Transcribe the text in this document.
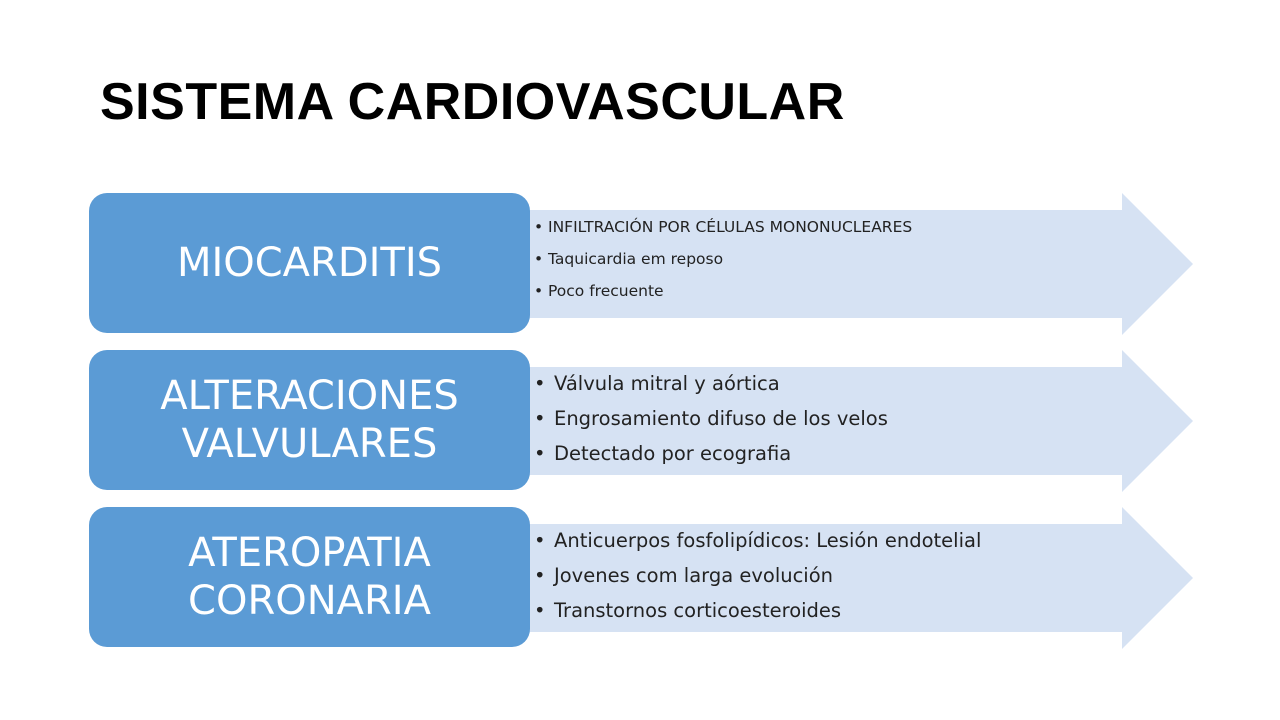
SISTEMA CARDIOVASCULAR
MIOCARDITIS
• INFILTRACIÓN POR CÉLULAS MONONUCLEARES
• Taquicardia em reposo
• Poco frecuente
ALTERACIONES
VALVULARES
• Válvula mitral y aórtica
• Engrosamiento difuso de los velos
• Detectado por ecografia
ATEROPATIA
CORONARIA
• Anticuerpos fosfolipídicos: Lesión endotelial
• Jovenes com larga evolución
• Transtornos corticoesteroides
